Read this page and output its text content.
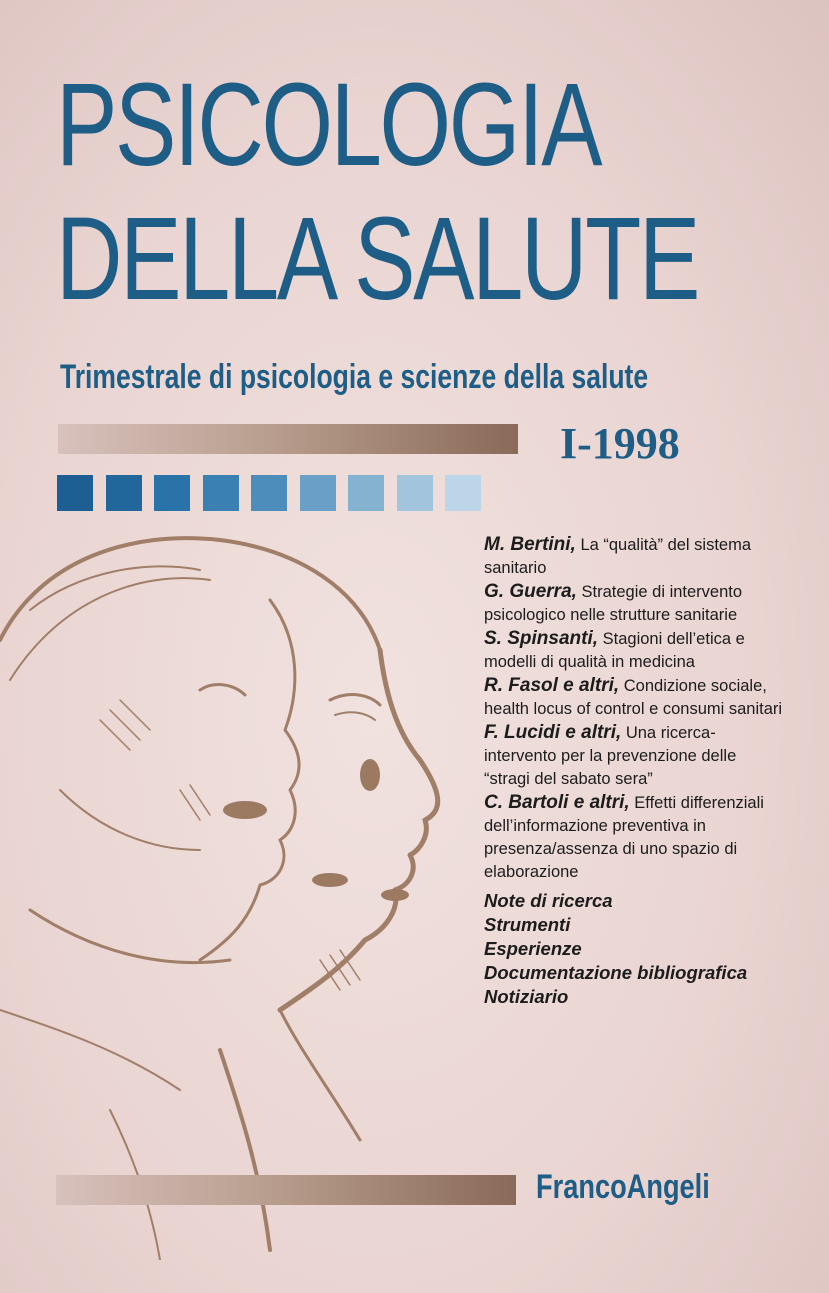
PSICOLOGIA
DELLA SALUTE

Trimestrale di psicologia e scienze della salute

I-1998

M. Bertini, La “qualità” del sistema sanitario

G. Guerra, Strategie di intervento psicologico nelle strutture sanitarie

S. Spinsanti, Stagioni dell’etica e modelli di qualità in medicina

R. Fasol e altri, Condizione sociale, health locus of control e consumi sanitari

F. Lucidi e altri, Una ricerca-intervento per la prevenzione delle “stragi del sabato sera”

C. Bartoli e altri, Effetti differenziali dell’informazione preventiva in presenza/assenza di uno spazio di elaborazione

Note di ricerca

Strumenti

Esperienze

Documentazione bibliografica

Notiziario

FrancoAngeli
